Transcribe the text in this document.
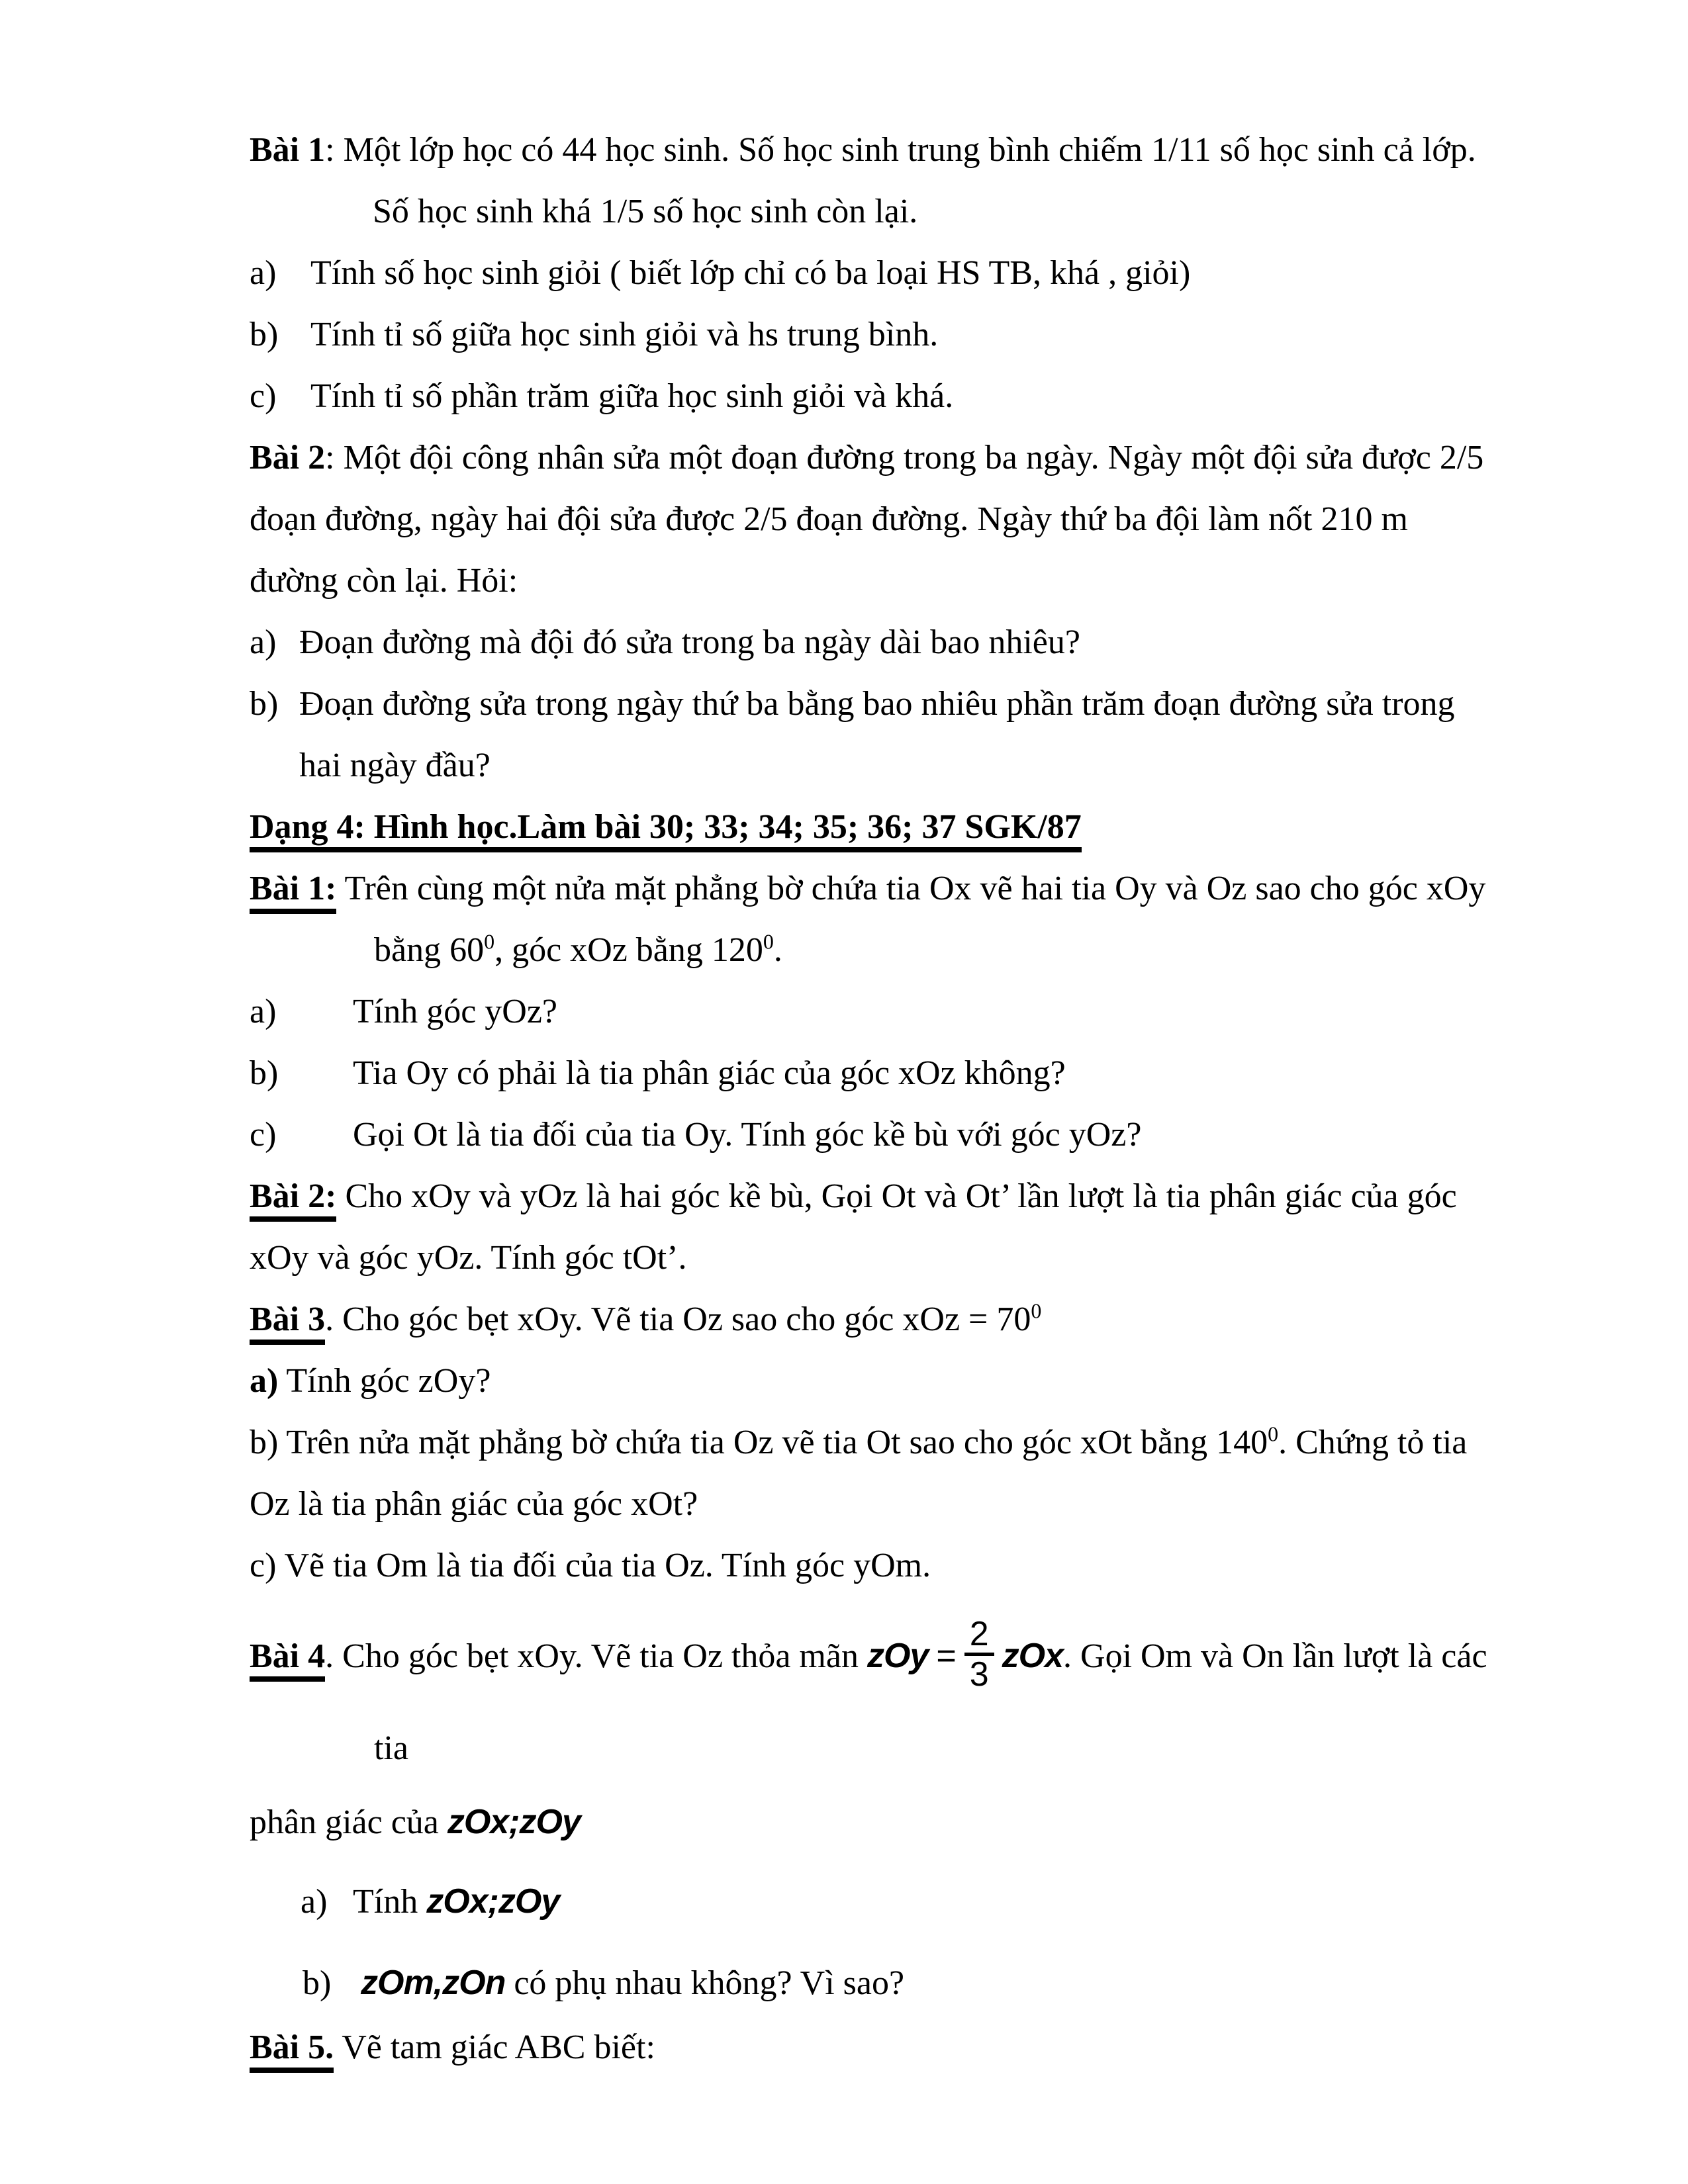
Bài 1: Một lớp học có 44 học sinh. Số học sinh trung bình chiếm 1/11 số học sinh cả lớp.
Số học sinh khá 1/5 số học sinh còn lại.
a) Tính số học sinh giỏi ( biết lớp chỉ có ba loại HS TB, khá , giỏi)
b) Tính tỉ số giữa học sinh giỏi và hs trung bình.
c) Tính tỉ số phần trăm giữa học sinh giỏi và khá.
Bài 2: Một đội công nhân sửa một đoạn đường trong ba ngày. Ngày một đội sửa được 2/5
đoạn đường, ngày hai đội sửa được 2/5 đoạn đường. Ngày thứ ba đội làm nốt 210 m
đường còn lại. Hỏi:
a) Đoạn đường mà đội đó sửa trong ba ngày dài bao nhiêu?
b) Đoạn đường sửa trong ngày thứ ba bằng bao nhiêu phần trăm đoạn đường sửa trong
hai ngày đầu?
Dạng 4: Hình học.Làm bài 30; 33; 34; 35; 36; 37 SGK/87
Bài 1: Trên cùng một nửa mặt phẳng bờ chứa tia Ox vẽ hai tia Oy và Oz sao cho góc xOy
bằng $60^0$, góc xOz bằng $120^0$.
a) Tính góc yOz?
b) Tia Oy có phải là tia phân giác của góc xOz không?
c) Gọi Ot là tia đối của tia Oy. Tính góc kề bù với góc yOz?
Bài 2: Cho xOy và yOz là hai góc kề bù, Gọi Ot và Ot’ lần lượt là tia phân giác của góc
xOy và góc yOz. Tính góc tOt’.
Bài 3. Cho góc bẹt xOy. Vẽ tia Oz sao cho góc xOz = $70^0$
a) Tính góc zOy?
b) Trên nửa mặt phẳng bờ chứa tia Oz vẽ tia Ot sao cho góc xOt bằng $140^0$. Chứng tỏ tia
Oz là tia phân giác của góc xOt?
c) Vẽ tia Om là tia đối của tia Oz. Tính góc yOm.
Bài 4. Cho góc bẹt xOy. Vẽ tia Oz thỏa mãn zOy = $\frac{2}{3}$ zOx. Gọi Om và On lần lượt là các
tia
phân giác của zOx;zOy
a) Tính zOx;zOy
b) zOm,zOn có phụ nhau không? Vì sao?
Bài 5. Vẽ tam giác ABC biết:
